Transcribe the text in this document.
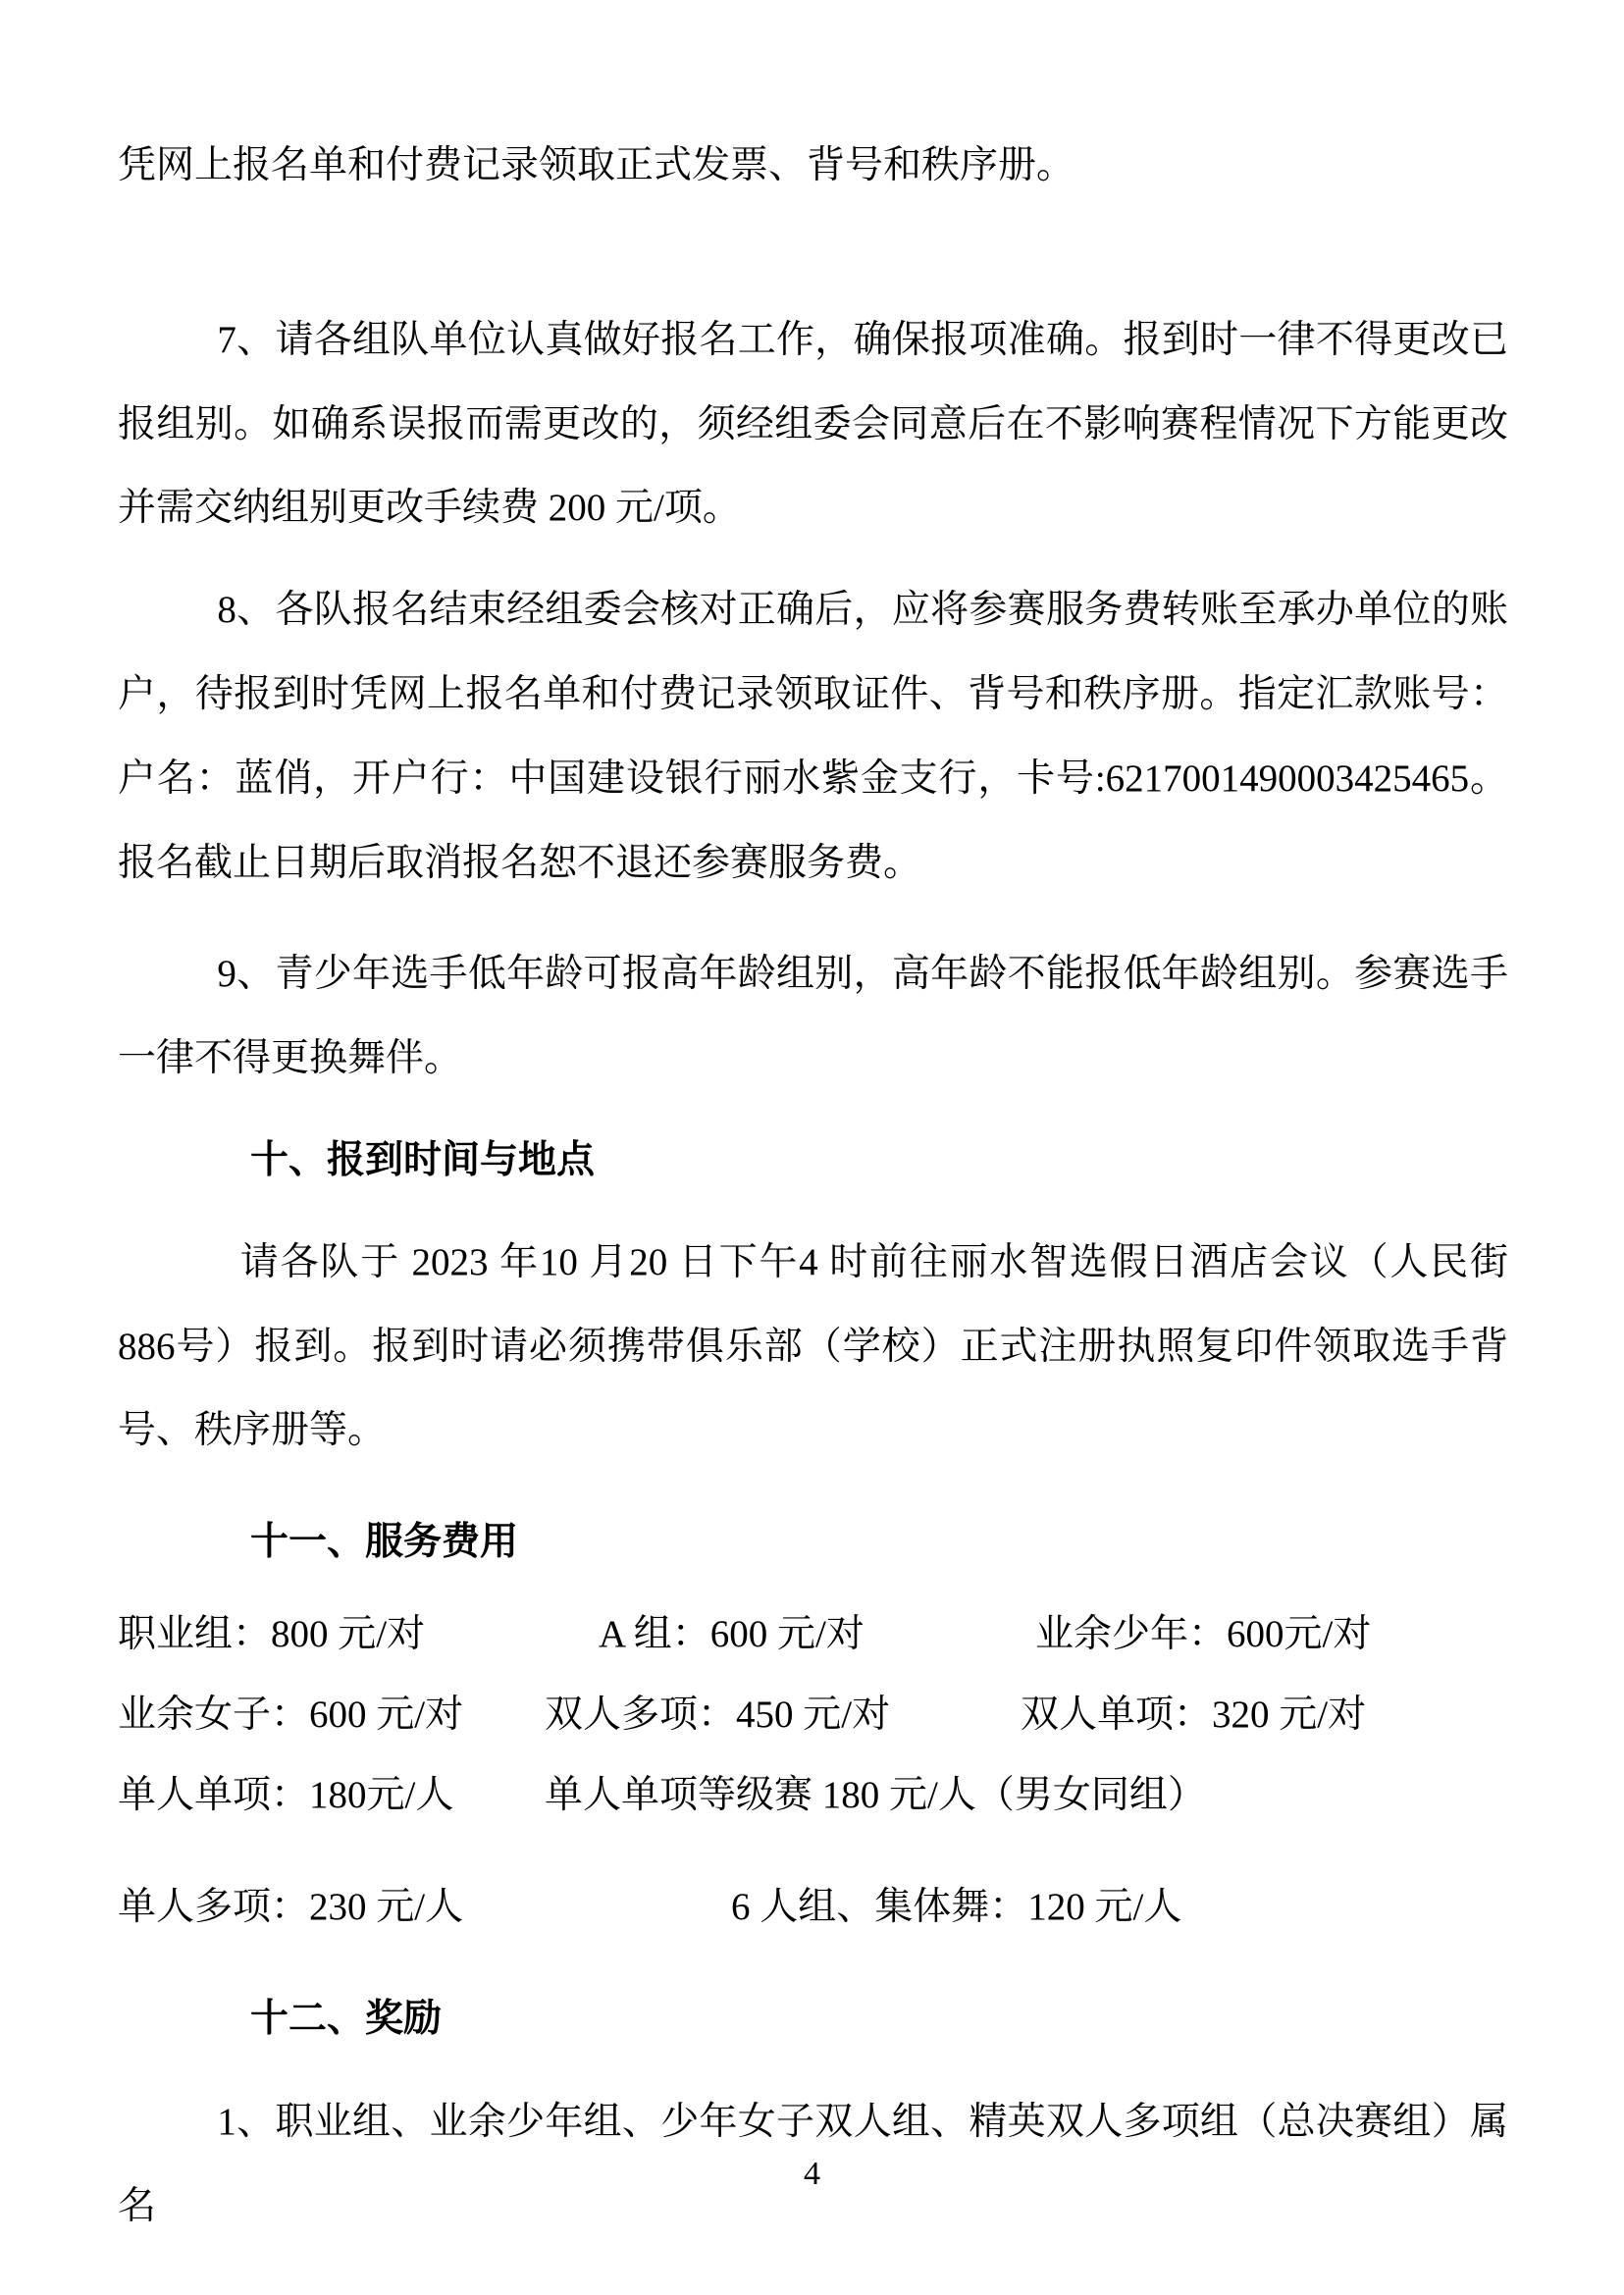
凭网上报名单和付费记录领取正式发票、背号和秩序册。

7、请各组队单位认真做好报名工作，确保报项准确。报到时一律不得更改已报组别。如确系误报而需更改的，须经组委会同意后在不影响赛程情况下方能更改并需交纳组别更改手续费 200 元/项。

8、各队报名结束经组委会核对正确后，应将参赛服务费转账至承办单位的账户，待报到时凭网上报名单和付费记录领取证件、背号和秩序册。指定汇款账号：户名：蓝俏，开户行：中国建设银行丽水紫金支行，卡号:6217001490003425465。报名截止日期后取消报名恕不退还参赛服务费。

9、青少年选手低年龄可报高年龄组别，高年龄不能报低年龄组别。参赛选手一律不得更换舞伴。

十、报到时间与地点

请各队于 2023 年10 月20 日下午4 时前往丽水智选假日酒店会议（人民街886号）报到。报到时请必须携带俱乐部（学校）正式注册执照复印件领取选手背号、秩序册等。

十一、服务费用

职业组：800 元/对	A 组：600 元/对	业余少年：600元/对

业余女子：600 元/对	双人多项：450 元/对	双人单项：320 元/对

单人单项：180元/人	单人单项等级赛 180 元/人（男女同组）

单人多项：230 元/人	6 人组、集体舞：120 元/人

十二、奖励

1、职业组、业余少年组、少年女子双人组、精英双人多项组（总决赛组）属名

4
